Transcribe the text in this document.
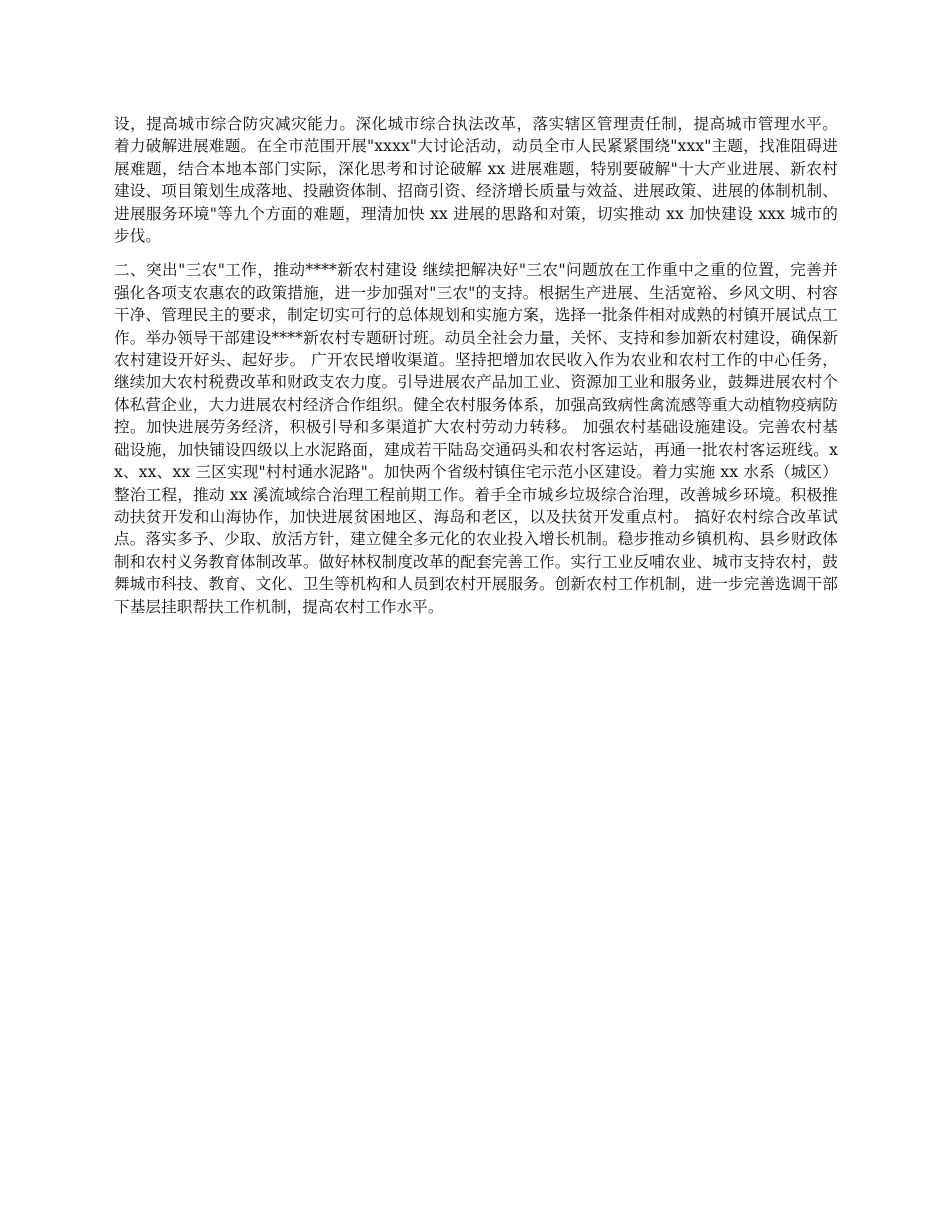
设，提高城市综合防灾减灾能力。深化城市综合执法改革，落实辖区管理责任制，提高城市管理水平。 着力破解进展难题。在全市范围开展"xxxx"大讨论活动，动员全市人民紧紧围绕"xxx"主题，找准阻碍进展难题，结合本地本部门实际，深化思考和讨论破解 xx 进展难题，特别要破解"十大产业进展、新农村建设、项目策划生成落地、投融资体制、招商引资、经济增长质量与效益、进展政策、进展的体制机制、进展服务环境"等九个方面的难题，理清加快 xx 进展的思路和对策，切实推动 xx 加快建设 xxx 城市的步伐。

二、突出"三农"工作，推动****新农村建设 继续把解决好"三农"问题放在工作重中之重的位置，完善并强化各项支农惠农的政策措施，进一步加强对"三农"的支持。根据生产进展、生活宽裕、乡风文明、村容干净、管理民主的要求，制定切实可行的总体规划和实施方案，选择一批条件相对成熟的村镇开展试点工作。举办领导干部建设****新农村专题研讨班。动员全社会力量，关怀、支持和参加新农村建设，确保新农村建设开好头、起好步。 广开农民增收渠道。坚持把增加农民收入作为农业和农村工作的中心任务，继续加大农村税费改革和财政支农力度。引导进展农产品加工业、资源加工业和服务业，鼓舞进展农村个体私营企业，大力进展农村经济合作组织。健全农村服务体系，加强高致病性禽流感等重大动植物疫病防控。加快进展劳务经济，积极引导和多渠道扩大农村劳动力转移。 加强农村基础设施建设。完善农村基础设施，加快铺设四级以上水泥路面，建成若干陆岛交通码头和农村客运站，再通一批农村客运班线。xx、xx、xx 三区实现"村村通水泥路"。加快两个省级村镇住宅示范小区建设。着力实施 xx 水系（城区）整治工程，推动 xx 溪流域综合治理工程前期工作。着手全市城乡垃圾综合治理，改善城乡环境。积极推动扶贫开发和山海协作，加快进展贫困地区、海岛和老区，以及扶贫开发重点村。 搞好农村综合改革试点。落实多予、少取、放活方针，建立健全多元化的农业投入增长机制。稳步推动乡镇机构、县乡财政体制和农村义务教育体制改革。做好林权制度改革的配套完善工作。实行工业反哺农业、城市支持农村，鼓舞城市科技、教育、文化、卫生等机构和人员到农村开展服务。创新农村工作机制，进一步完善选调干部下基层挂职帮扶工作机制，提高农村工作水平。
